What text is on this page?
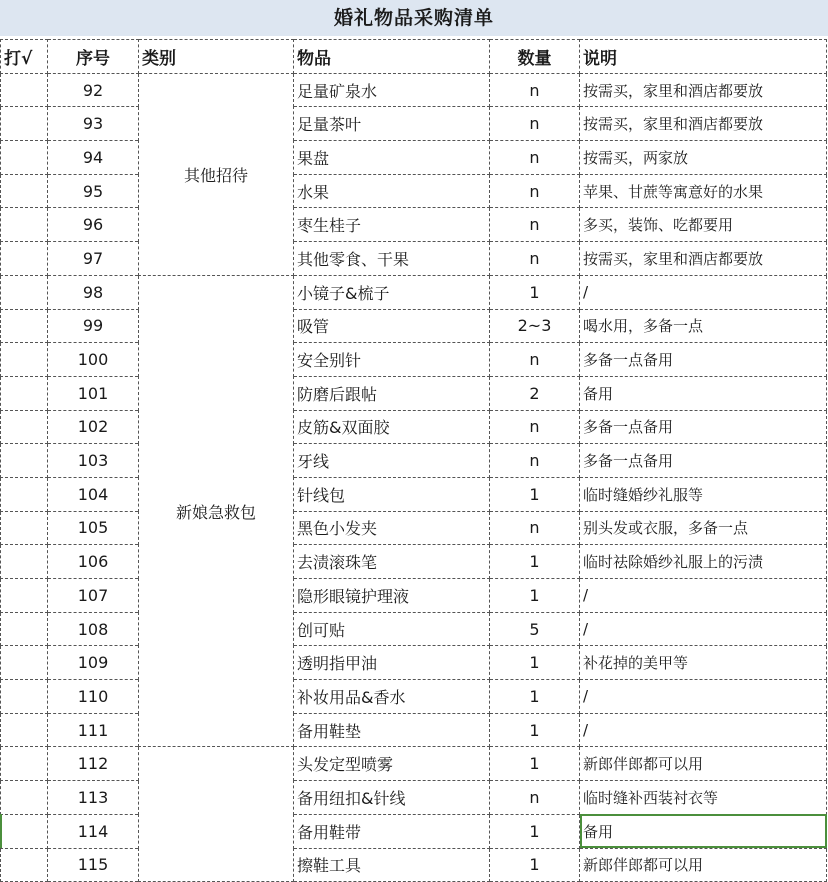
婚礼物品采购清单
打√	序号	类别	物品	数量	说明
	92	其他招待	足量矿泉水	n	按需买，家里和酒店都要放
	93		足量茶叶	n	按需买，家里和酒店都要放
	94		果盘	n	按需买，两家放
	95		水果	n	苹果、甘蔗等寓意好的水果
	96		枣生桂子	n	多买，装饰、吃都要用
	97		其他零食、干果	n	按需买，家里和酒店都要放
	98	新娘急救包	小镜子&梳子	1	/
	99		吸管	2~3	喝水用，多备一点
	100		安全别针	n	多备一点备用
	101		防磨后跟帖	2	备用
	102		皮筋&双面胶	n	多备一点备用
	103		牙线	n	多备一点备用
	104		针线包	1	临时缝婚纱礼服等
	105		黑色小发夹	n	别头发或衣服，多备一点
	106		去渍滚珠笔	1	临时祛除婚纱礼服上的污渍
	107		隐形眼镜护理液	1	/
	108		创可贴	5	/
	109		透明指甲油	1	补花掉的美甲等
	110		补妆用品&香水	1	/
	111		备用鞋垫	1	/
	112		头发定型喷雾	1	新郎伴郎都可以用
	113		备用纽扣&针线	n	临时缝补西装衬衣等
	114		备用鞋带	1	备用
	115		擦鞋工具	1	新郎伴郎都可以用
